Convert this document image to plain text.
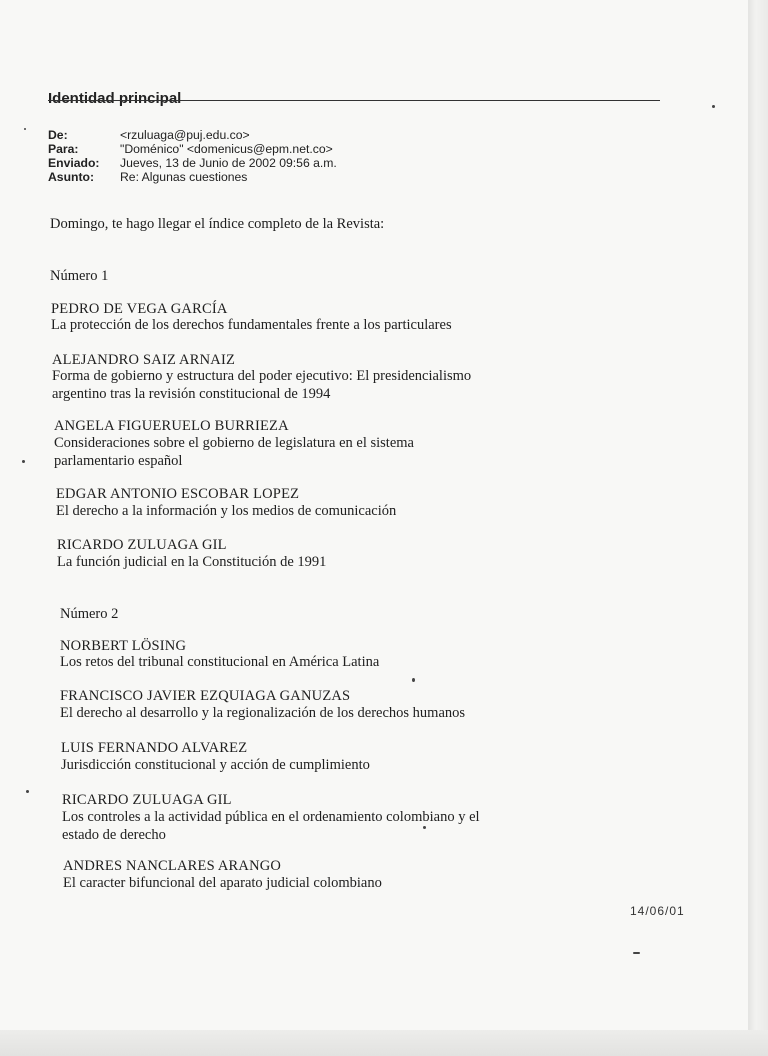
Identidad principal
De:	<rzuluaga@puj.edu.co>
Para:	"Doménico" <domenicus@epm.net.co>
Enviado:	Jueves, 13 de Junio de 2002 09:56 a.m.
Asunto:	Re: Algunas cuestiones
Domingo, te hago llegar el índice completo de la Revista:
Número 1
PEDRO DE VEGA GARCÍA
La protección de los derechos fundamentales frente a los particulares
ALEJANDRO SAIZ ARNAIZ
Forma de gobierno y estructura del poder ejecutivo: El presidencialismo
argentino tras la revisión constitucional de 1994
ANGELA FIGUERUELO BURRIEZA
Consideraciones sobre el gobierno de legislatura en el sistema
parlamentario español
EDGAR ANTONIO ESCOBAR LOPEZ
El derecho a la información y los medios de comunicación
RICARDO ZULUAGA GIL
La función judicial en la Constitución de 1991
Número 2
NORBERT LÖSING
Los retos del tribunal constitucional en América Latina
FRANCISCO JAVIER EZQUIAGA GANUZAS
El derecho al desarrollo y la regionalización de los derechos humanos
LUIS FERNANDO ALVAREZ
Jurisdicción constitucional y acción de cumplimiento
RICARDO ZULUAGA GIL
Los controles a la actividad pública en el ordenamiento colombiano y el
estado de derecho
ANDRES NANCLARES ARANGO
El caracter bifuncional del aparato judicial colombiano
14/06/01
